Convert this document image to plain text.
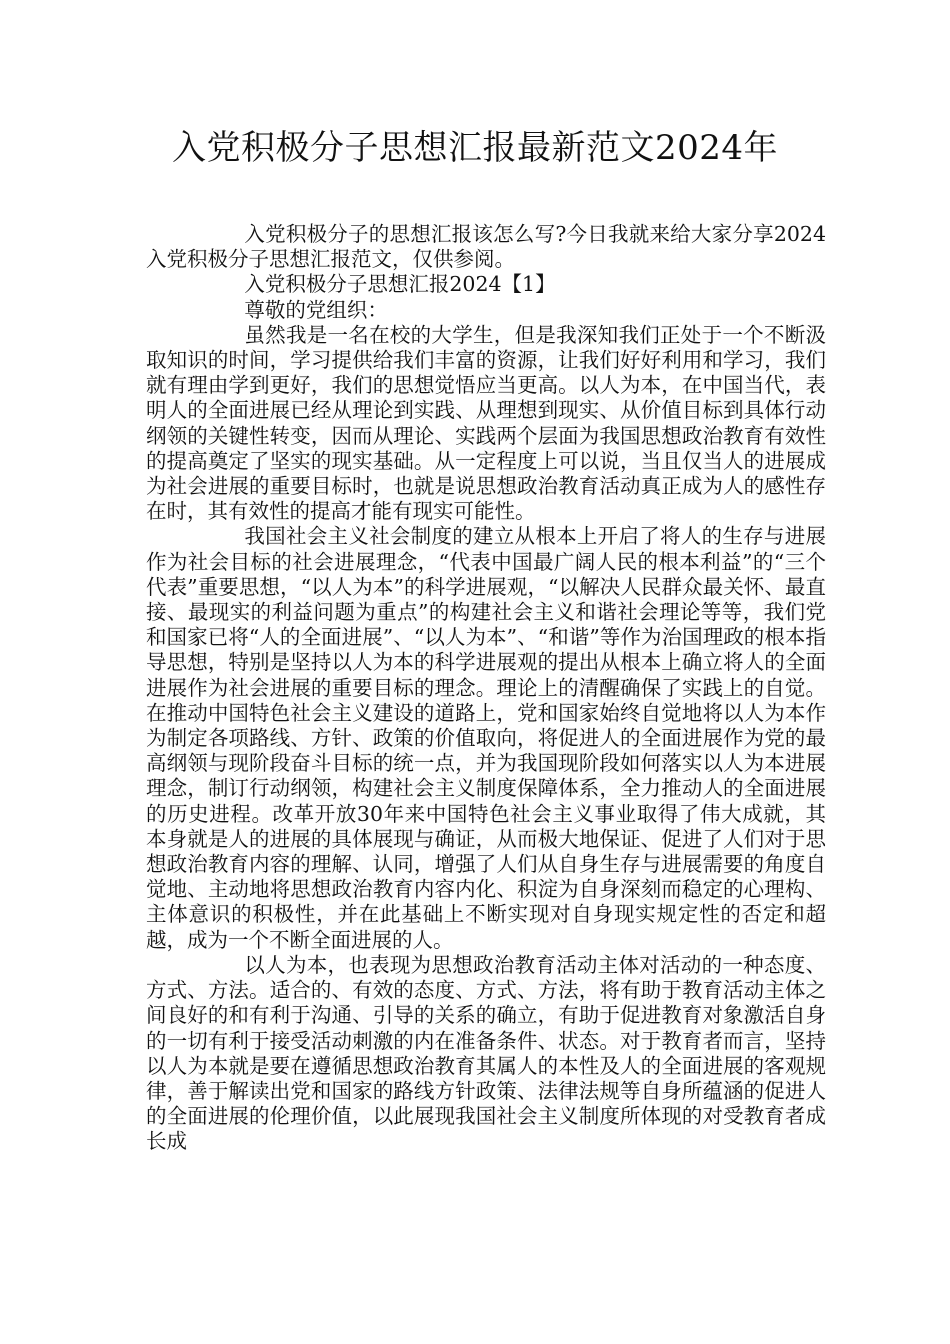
入党积极分子思想汇报最新范文2024年

入党积极分子的思想汇报该怎么写?今日我就来给大家分享2024入党积极分子思想汇报范文，仅供参阅。

入党积极分子思想汇报2024【1】

尊敬的党组织：

虽然我是一名在校的大学生，但是我深知我们正处于一个不断汲取知识的时间，学习提供给我们丰富的资源，让我们好好利用和学习，我们就有理由学到更好，我们的思想觉悟应当更高。以人为本，在中国当代，表明人的全面进展已经从理论到实践、从理想到现实、从价值目标到具体行动纲领的关键性转变，因而从理论、实践两个层面为我国思想政治教育有效性的提高奠定了坚实的现实基础。从一定程度上可以说，当且仅当人的进展成为社会进展的重要目标时，也就是说思想政治教育活动真正成为人的感性存在时，其有效性的提高才能有现实可能性。

我国社会主义社会制度的建立从根本上开启了将人的生存与进展作为社会目标的社会进展理念，“代表中国最广阔人民的根本利益”的“三个代表”重要思想，“以人为本”的科学进展观，“以解决人民群众最关怀、最直接、最现实的利益问题为重点”的构建社会主义和谐社会理论等等，我们党和国家已将“人的全面进展”、“以人为本”、“和谐”等作为治国理政的根本指导思想，特别是坚持以人为本的科学进展观的提出从根本上确立将人的全面进展作为社会进展的重要目标的理念。理论上的清醒确保了实践上的自觉。在推动中国特色社会主义建设的道路上，党和国家始终自觉地将以人为本作为制定各项路线、方针、政策的价值取向，将促进人的全面进展作为党的最高纲领与现阶段奋斗目标的统一点，并为我国现阶段如何落实以人为本进展理念，制订行动纲领，构建社会主义制度保障体系，全力推动人的全面进展的历史进程。改革开放30年来中国特色社会主义事业取得了伟大成就，其本身就是人的进展的具体展现与确证，从而极大地保证、促进了人们对于思想政治教育内容的理解、认同，增强了人们从自身生存与进展需要的角度自觉地、主动地将思想政治教育内容内化、积淀为自身深刻而稳定的心理构、主体意识的积极性，并在此基础上不断实现对自身现实规定性的否定和超越，成为一个不断全面进展的人。

以人为本，也表现为思想政治教育活动主体对活动的一种态度、方式、方法。适合的、有效的态度、方式、方法，将有助于教育活动主体之间良好的和有利于沟通、引导的关系的确立，有助于促进教育对象激活自身的一切有利于接受活动刺激的内在准备条件、状态。对于教育者而言，坚持以人为本就是要在遵循思想政治教育其属人的本性及人的全面进展的客观规律，善于解读出党和国家的路线方针政策、法律法规等自身所蕴涵的促进人的全面进展的伦理价值，以此展现我国社会主义制度所体现的对受教育者成长成
